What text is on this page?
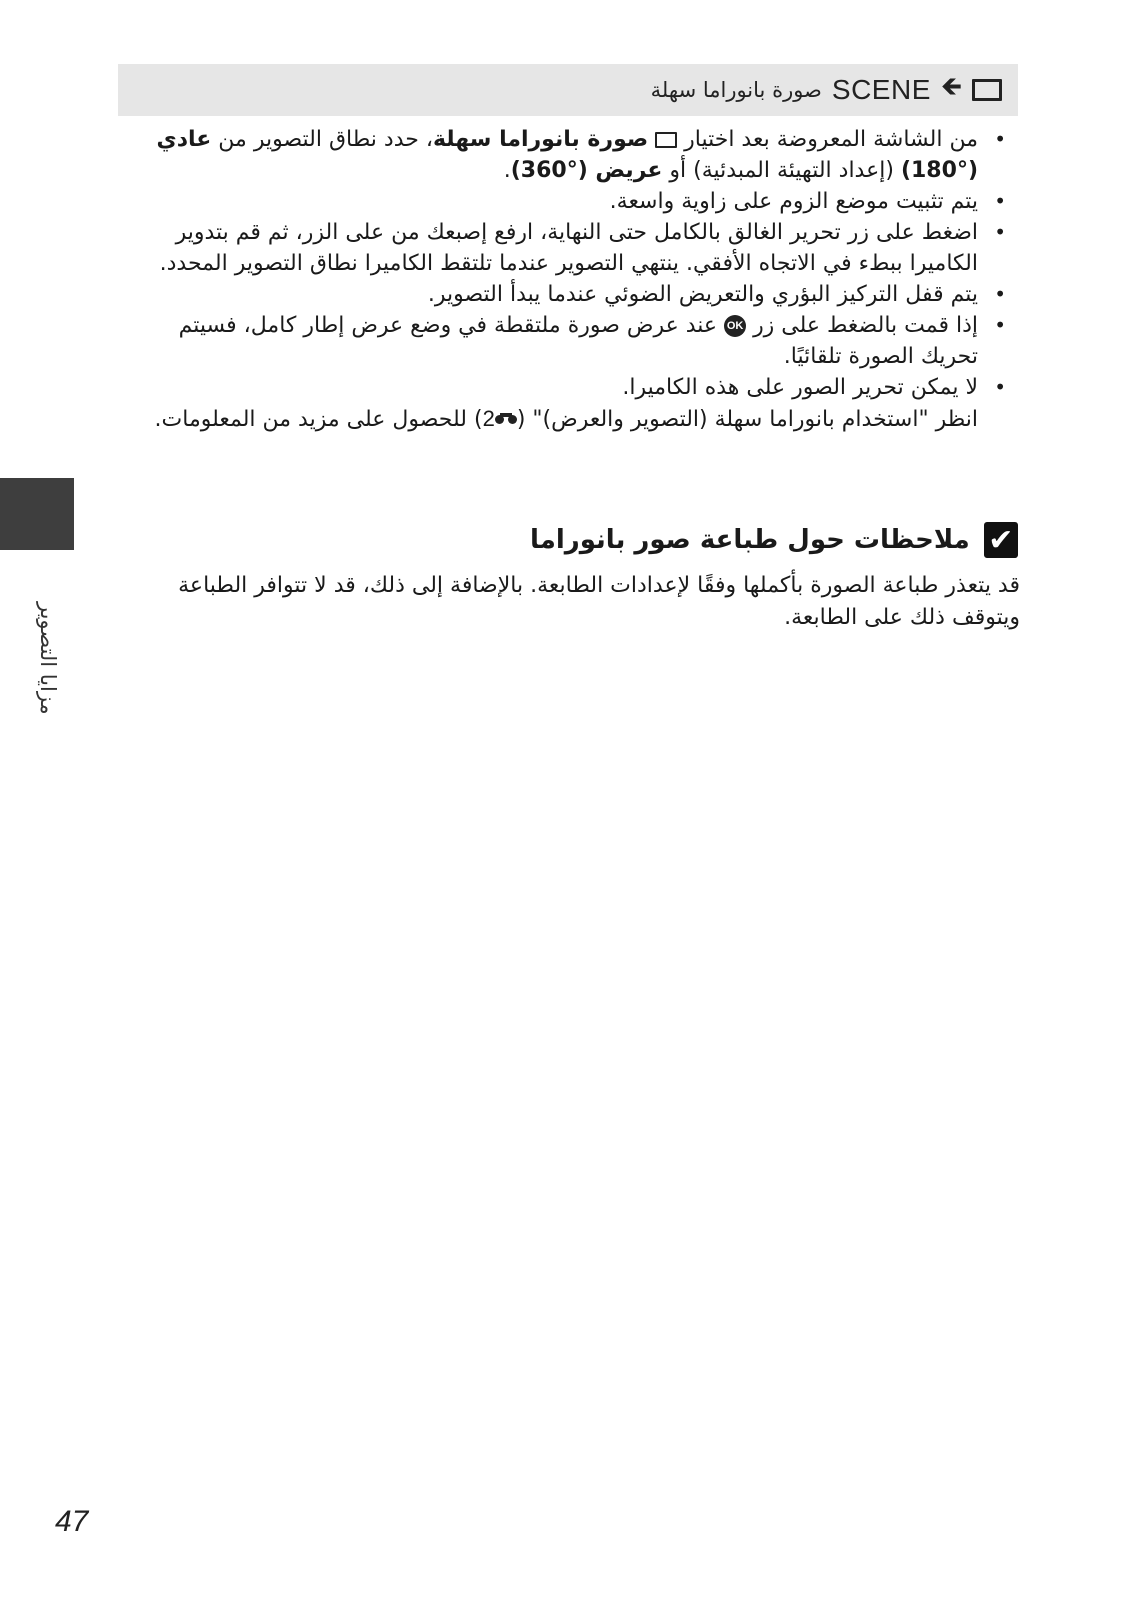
🡸
SCENE
صورة بانوراما سهلة
• من الشاشة المعروضة بعد اختيار  صورة بانوراما سهلة، حدد نطاق التصوير من عادي (°180) (إعداد التهيئة المبدئية) أو عريض (°360).
• يتم تثبيت موضع الزوم على زاوية واسعة.
• اضغط على زر تحرير الغالق بالكامل حتى النهاية، ارفع إصبعك من على الزر، ثم قم بتدوير الكاميرا ببطء في الاتجاه الأفقي. ينتهي التصوير عندما تلتقط الكاميرا نطاق التصوير المحدد.
• يتم قفل التركيز البؤري والتعريض الضوئي عندما يبدأ التصوير.
• إذا قمت بالضغط على زر OK عند عرض صورة ملتقطة في وضع عرض إطار كامل، فسيتم تحريك الصورة تلقائيًا.
• لا يمكن تحرير الصور على هذه الكاميرا.
انظر "استخدام بانوراما سهلة (التصوير والعرض)" (2
) للحصول على مزيد من المعلومات.
✔
ملاحظات حول طباعة صور بانوراما
قد يتعذر طباعة الصورة بأكملها وفقًا لإعدادات الطابعة. بالإضافة إلى ذلك، قد لا تتوافر الطباعة ويتوقف ذلك على الطابعة.
مزايا التصوير
47
